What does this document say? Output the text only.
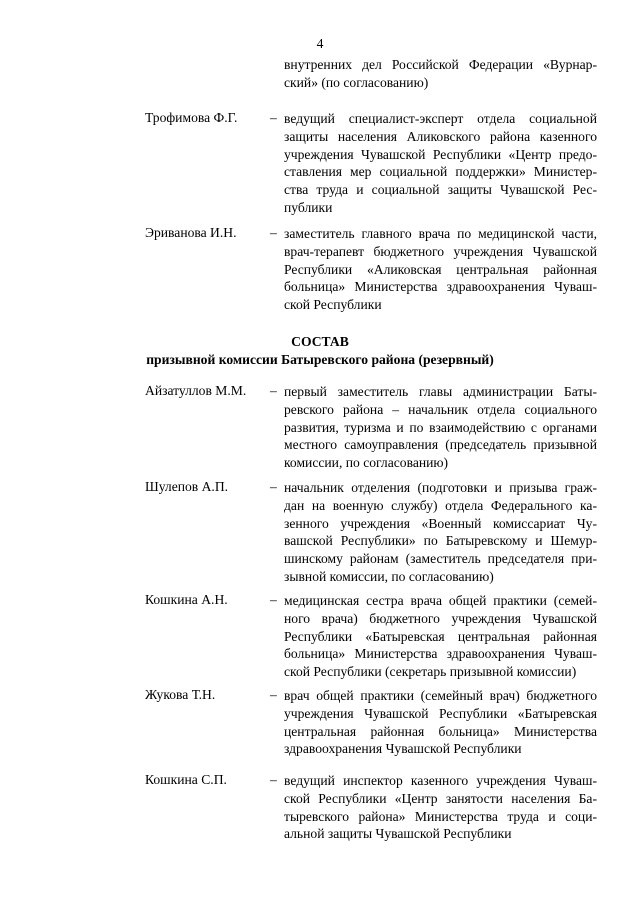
4
внутренних дел Российской Федерации «Вурнар-
ский» (по согласованию)
Трофимова Ф.Г. – ведущий специалист-эксперт отдела социальной
защиты населения Аликовского района казенного
учреждения Чувашской Республики «Центр предо-
ставления мер социальной поддержки» Министер-
ства труда и социальной защиты Чувашской Рес-
публики
Эриванова И.Н. – заместитель главного врача по медицинской части,
врач-терапевт бюджетного учреждения Чувашской
Республики «Аликовская центральная районная
больница» Министерства здравоохранения Чуваш-
ской Республики
СОСТАВ
призывной комиссии Батыревского района (резервный)
Айзатуллов М.М. – первый заместитель главы администрации Баты-
ревского района – начальник отдела социального
развития, туризма и по взаимодействию с органами
местного самоуправления (председатель призывной
комиссии, по согласованию)
Шулепов А.П.	– начальник отделения (подготовки и призыва граж-
дан на военную службу) отдела Федерального ка-
зенного учреждения «Военный комиссариат Чу-
вашской Республики» по Батыревскому и Шемур-
шинскому районам (заместитель председателя при-
зывной комиссии, по согласованию)
Кошкина А.Н.	– медицинская сестра врача общей практики (семей-
ного врача) бюджетного учреждения Чувашской
Республики «Батыревская центральная районная
больница» Министерства здравоохранения Чуваш-
ской Республики (секретарь призывной комиссии)
Жукова Т.Н.	– врач общей практики (семейный врач) бюджетного
учреждения Чувашской Республики «Батыревская
центральная районная больница» Министерства
здравоохранения Чувашской Республики
Кошкина С.П.	– ведущий инспектор казенного учреждения Чуваш-
ской Республики «Центр занятости населения Ба-
тыревского района» Министерства труда и соци-
альной защиты Чувашской Республики
